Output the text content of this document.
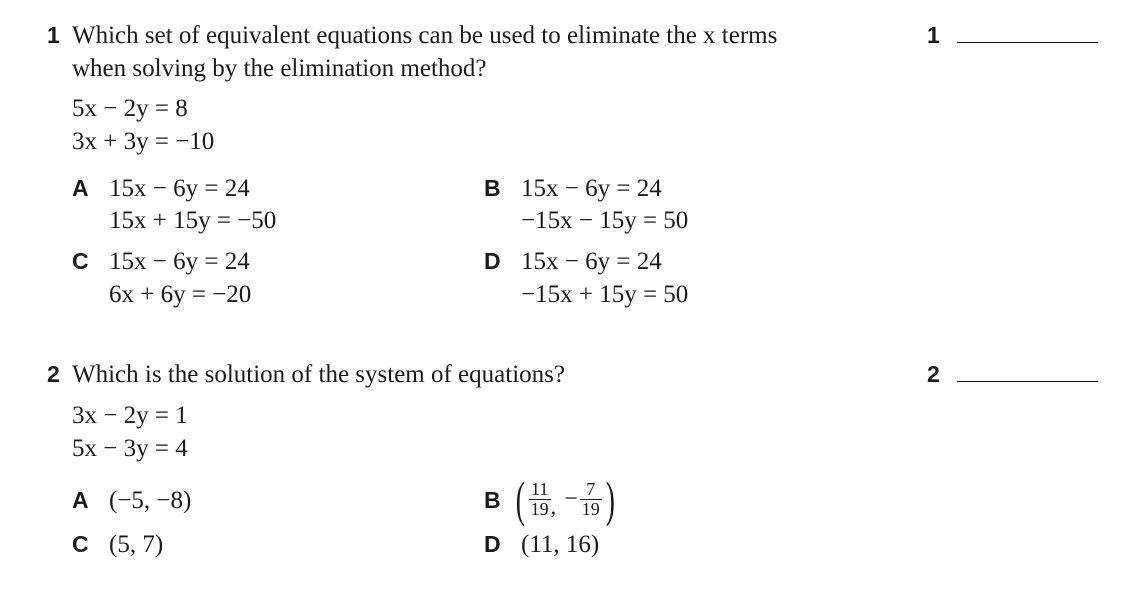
1 Which set of equivalent equations can be used to eliminate the x terms
when solving by the elimination method?
5x − 2y = 8
3x + 3y = −10
1
A 15x − 6y = 24
15x + 15y = −50
B 15x − 6y = 24
−15x − 15y = 50
C 15x − 6y = 24
6x + 6y = −20
D 15x − 6y = 24
−15x + 15y = 50
2 Which is the solution of the system of equations?
3x − 2y = 1
5x − 3y = 4
2
A (−5, −8)	B ( $\frac{11}{19}$ , − $\frac{7}{19}$ )
C (5, 7)	D (11, 16)
